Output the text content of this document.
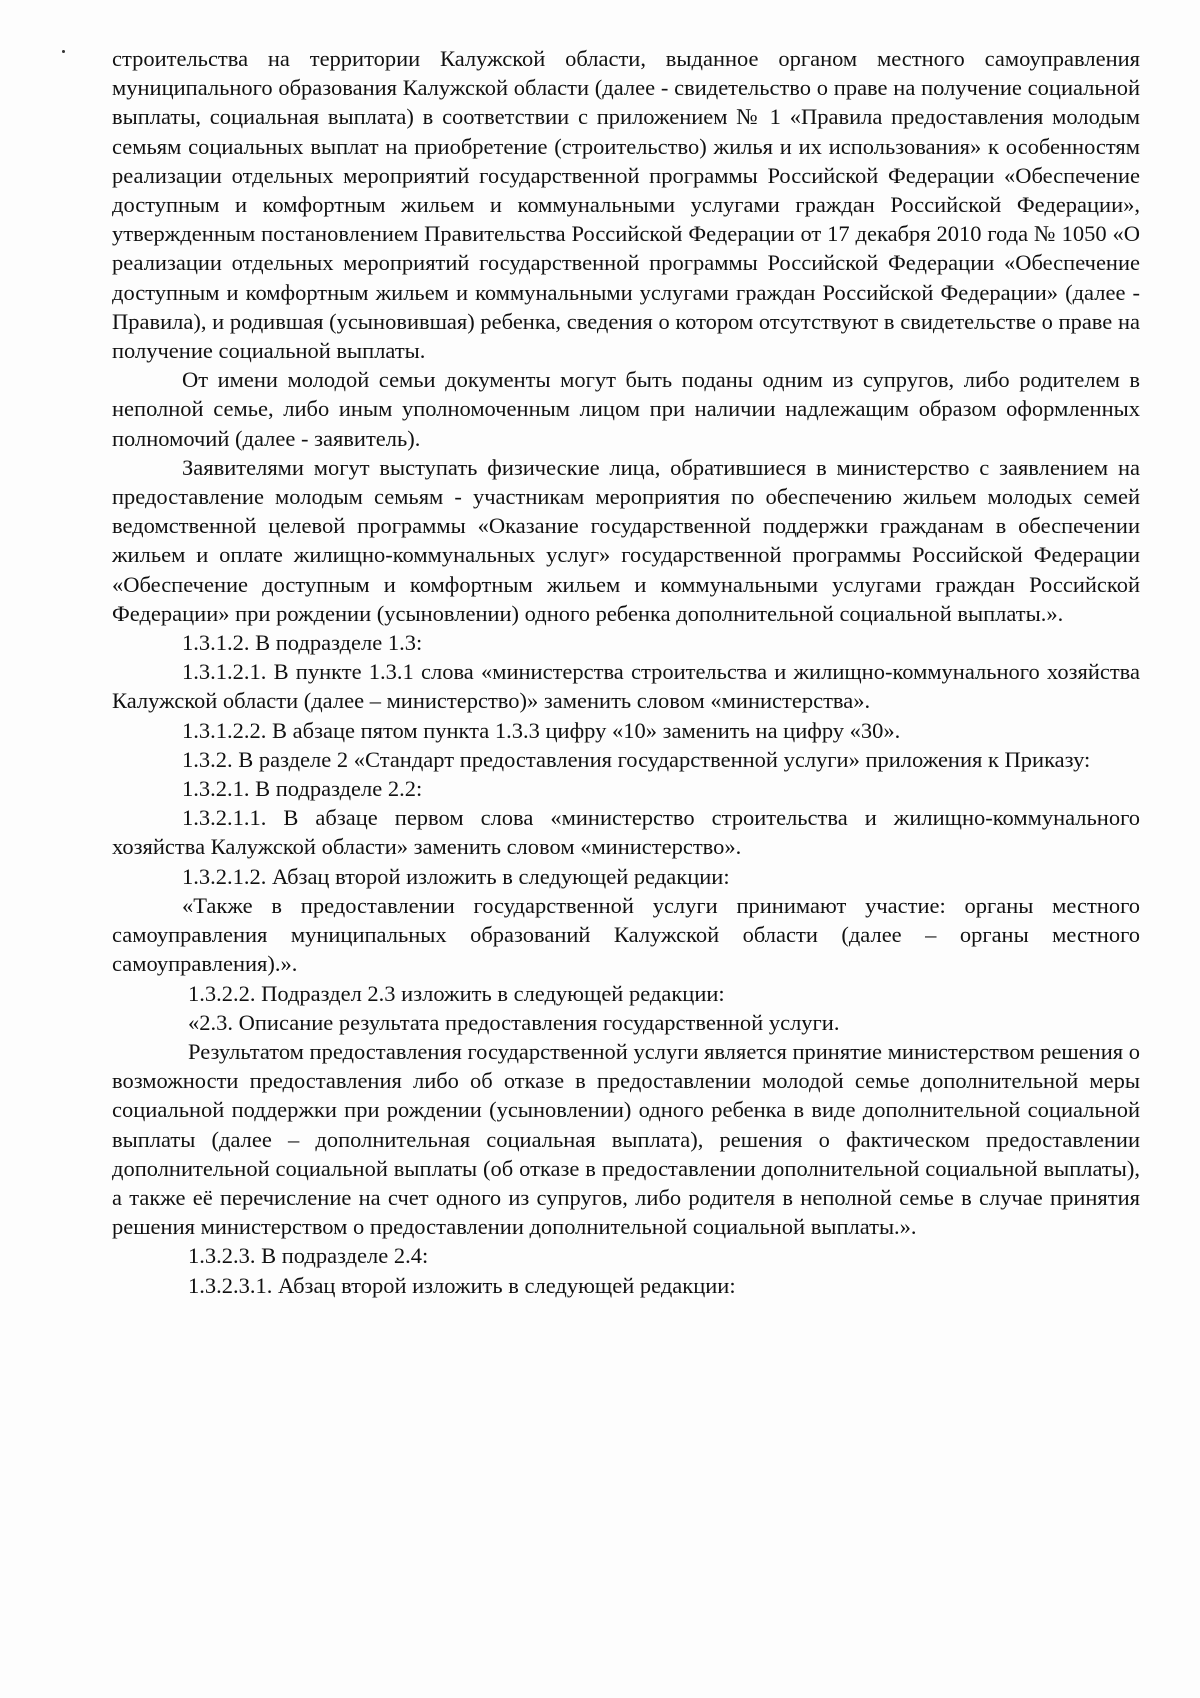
строительства на территории Калужской области, выданное органом местного самоуправления муниципального образования Калужской области (далее - свидетельство о праве на получение социальной выплаты, социальная выплата) в соответствии с приложением № 1 «Правила предоставления молодым семьям социальных выплат на приобретение (строительство) жилья и их использования» к особенностям реализации отдельных мероприятий государственной программы Российской Федерации «Обеспечение доступным и комфортным жильем и коммунальными услугами граждан Российской Федерации», утвержденным постановлением Правительства Российской Федерации от 17 декабря 2010 года № 1050 «О реализации отдельных мероприятий государственной программы Российской Федерации «Обеспечение доступным и комфортным жильем и коммунальными услугами граждан Российской Федерации» (далее - Правила), и родившая (усыновившая) ребенка, сведения о котором отсутствуют в свидетельстве о праве на получение социальной выплаты.

От имени молодой семьи документы могут быть поданы одним из супругов, либо родителем в неполной семье, либо иным уполномоченным лицом при наличии надлежащим образом оформленных полномочий (далее - заявитель).

Заявителями могут выступать физические лица, обратившиеся в министерство с заявлением на предоставление молодым семьям - участникам мероприятия по обеспечению жильем молодых семей ведомственной целевой программы «Оказание государственной поддержки гражданам в обеспечении жильем и оплате жилищно-коммунальных услуг» государственной программы Российской Федерации «Обеспечение доступным и комфортным жильем и коммунальными услугами граждан Российской Федерации» при рождении (усыновлении) одного ребенка дополнительной социальной выплаты.».

1.3.1.2. В подразделе 1.3:

1.3.1.2.1. В пункте 1.3.1 слова «министерства строительства и жилищно-коммунального хозяйства Калужской области (далее – министерство)» заменить словом «министерства».

1.3.1.2.2. В абзаце пятом пункта 1.3.3 цифру «10» заменить на цифру «30».

1.3.2. В разделе 2 «Стандарт предоставления государственной услуги» приложения к Приказу:

1.3.2.1. В подразделе 2.2:

1.3.2.1.1. В абзаце первом слова «министерство строительства и жилищно-коммунального хозяйства Калужской области» заменить словом «министерство».

1.3.2.1.2. Абзац второй изложить в следующей редакции:

«Также в предоставлении государственной услуги принимают участие: органы местного самоуправления муниципальных образований Калужской области (далее – органы местного самоуправления).».

1.3.2.2. Подраздел 2.3 изложить в следующей редакции:

«2.3. Описание результата предоставления государственной услуги.

Результатом предоставления государственной услуги является принятие министерством решения о возможности предоставления либо об отказе в предоставлении молодой семье дополнительной меры социальной поддержки при рождении (усыновлении) одного ребенка в виде дополнительной социальной выплаты (далее – дополнительная социальная выплата), решения о фактическом предоставлении дополнительной социальной выплаты (об отказе в предоставлении дополнительной социальной выплаты), а также её перечисление на счет одного из супругов, либо родителя в неполной семье в случае принятия решения министерством о предоставлении дополнительной социальной выплаты.».

1.3.2.3. В подразделе 2.4:

1.3.2.3.1. Абзац второй изложить в следующей редакции:
